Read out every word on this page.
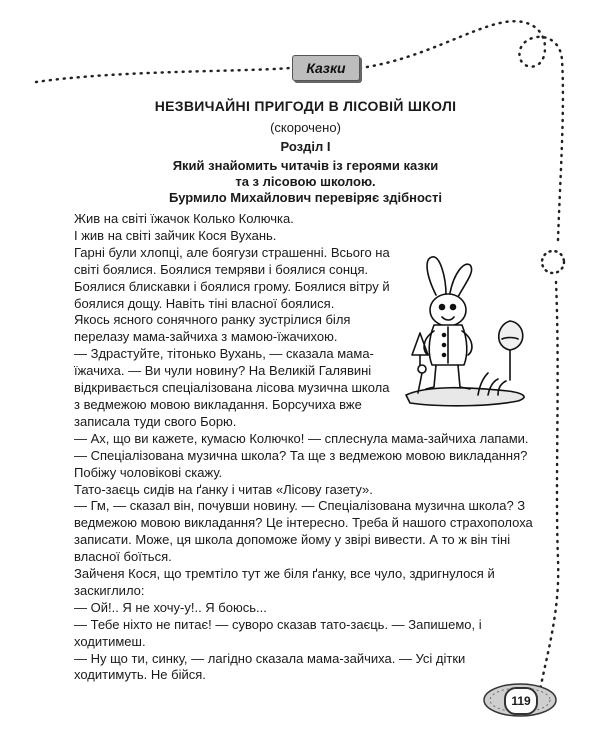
Казки
НЕЗВИЧАЙНІ ПРИГОДИ В ЛІСОВІЙ ШКОЛІ
(скорочено)
Розділ І
Який знайомить читачів із героями казки
та з лісовою школою.
Бурмило Михайлович перевіряє здібності

Жив на світі їжачок Колько Колючка.

І жив на світі зайчик Кося Вухань.

Гарні були хлопці, але боягузи страшенні. Всього на світі боялися. Боялися темряви і боялися сонця. Боялися блискавки і боялися грому. Боялися вітру й боялися дощу. Навіть тіні власної боялися.

Якось ясного сонячного ранку зустрілися біля перелазу мама-зайчиха з мамою-їжачихою.

— Здрастуйте, тітонько Вухань, — сказала мама-їжачиха. — Ви чули новину? На Великій Галявині відкривається спеціалізована лісова музична школа з ведмежою мовою викладання. Борсучиха вже записала туди свого Борю.

— Ах, що ви кажете, кумасю Колючко! — сплеснула мама-зайчиха лапами. — Спеціалізована музична школа? Та ще з ведмежою мовою викладання? Побіжу чоловікові скажу.

Тато-заєць сидів на ґанку і читав «Лісову газету».

— Гм, — сказал він, почувши новину. — Спеціалізована музична школа? З ведмежою мовою викладання? Це інтересно. Треба й нашого страхополоха записати. Може, ця школа допоможе йому у звірі вивести. А то ж він тіні власної боїться.

Зайченя Кося, що тремтіло тут же біля ґанку, все чуло, здригнулося й заскиглило:

— Ой!.. Я не хочу-у!.. Я боюсь...

— Тебе ніхто не питає! — суворо сказав тато-заєць. — Запишемо, і ходитимеш.

— Ну що ти, синку, — лагідно сказала мама-зайчиха. — Усі дітки ходитимуть. Не бійся.

119
